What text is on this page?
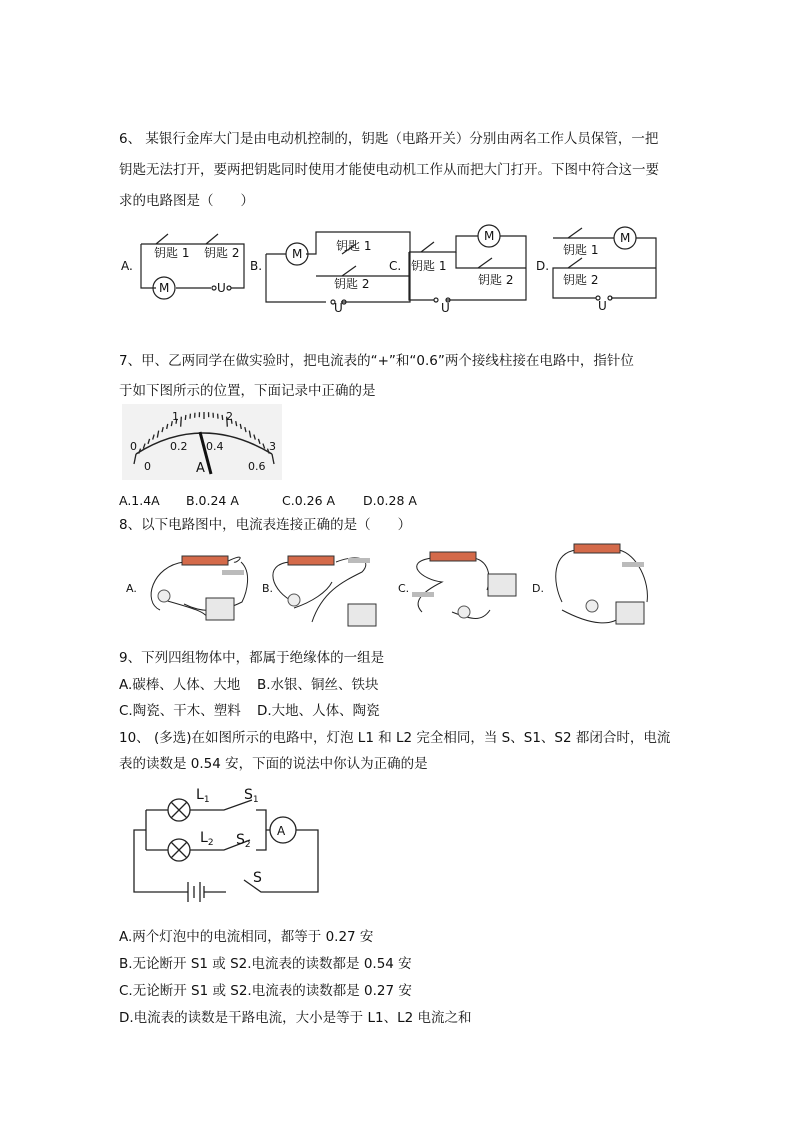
6、 某银行金库大门是由电动机控制的，钥匙（电路开关）分别由两名工作人员保管，一把
钥匙无法打开，要两把钥匙同时使用才能使电动机工作从而把大门打开。下图中符合这一要
求的电路图是（　　）
A.
钥匙 1 钥匙 2
M	U
B.
M
钥匙 1
钥匙 2
U
C.
M
钥匙 1
钥匙 2
U
D.
M
钥匙 1
钥匙 2
U
7、甲、乙两同学在做实验时，把电流表的“+”和“0.6”两个接线柱接在电路中，指针位
于如下图所示的位置，下面记录中正确的是
0
1	2
3
0
0.2 0.4
0.6
A
A.1.4A B.0.24 A	C.0.26 A D.0.28 A
8、以下电路图中，电流表连接正确的是（　　）
A.	B.	C.	D.
9、下列四组物体中，都属于绝缘体的一组是
A.碳棒、人体、大地 B.水银、铜丝、铁块
C.陶瓷、干木、塑料 D.大地、人体、陶瓷
10、 (多选)在如图所示的电路中，灯泡 L1 和 L2 完全相同，当 S、S1、S2 都闭合时，电流
表的读数是 0.54 安，下面的说法中你认为正确的是
$L_1$ $S_1$
$L_2$ $S_2$
S
A
A.两个灯泡中的电流相同，都等于 0.27 安
B.无论断开 S1 或 S2.电流表的读数都是 0.54 安
C.无论断开 S1 或 S2.电流表的读数都是 0.27 安
D.电流表的读数是干路电流，大小是等于 L1、L2 电流之和
